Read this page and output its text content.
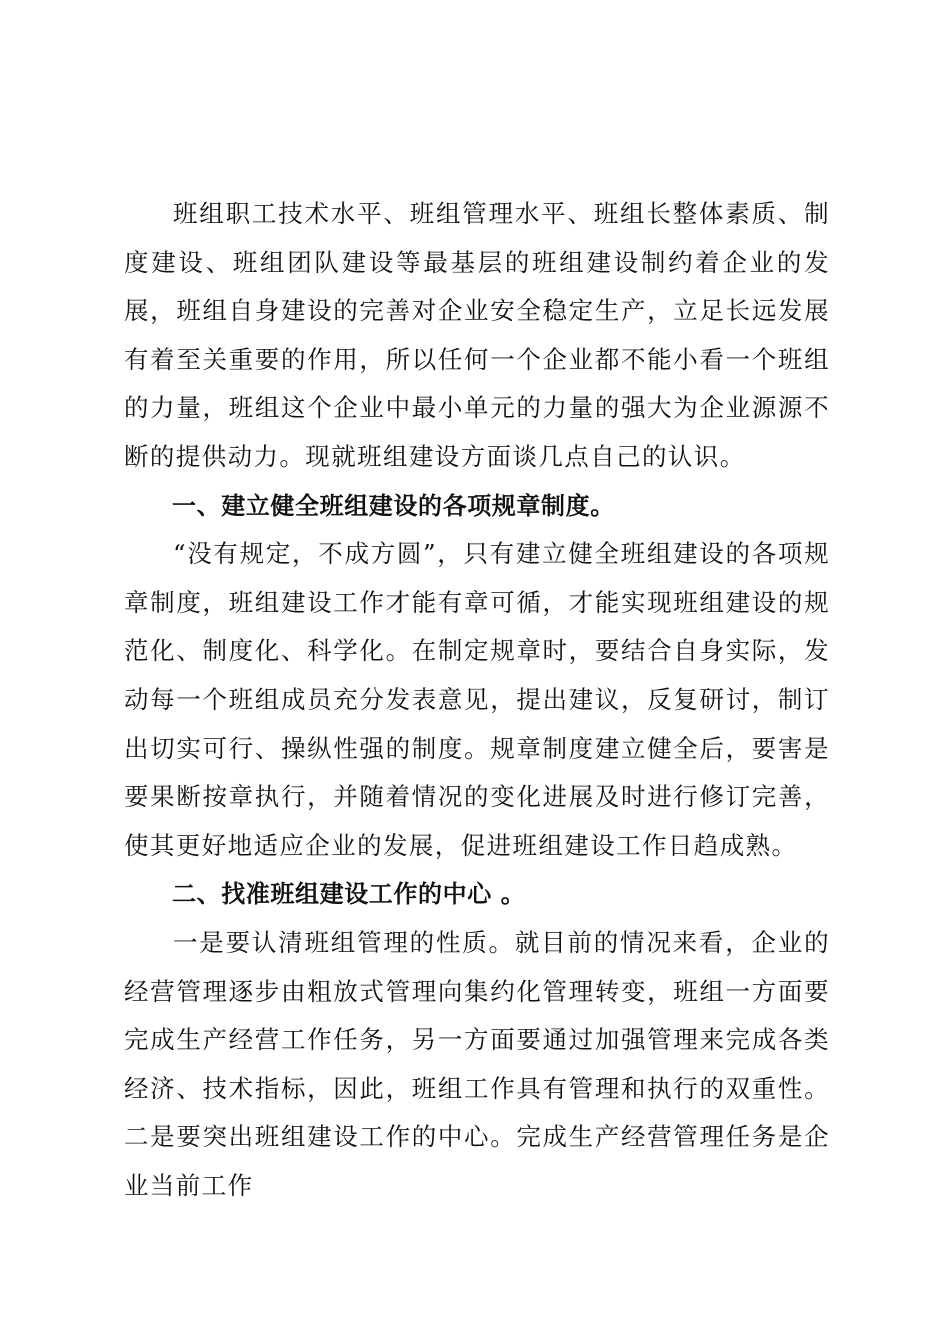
班组职工技术水平、班组管理水平、班组长整体素质、制度建设、班组团队建设等最基层的班组建设制约着企业的发展，班组自身建设的完善对企业安全稳定生产，立足长远发展有着至关重要的作用，所以任何一个企业都不能小看一个班组的力量，班组这个企业中最小单元的力量的强大为企业源源不断的提供动力。现就班组建设方面谈几点自己的认识。

一、建立健全班组建设的各项规章制度。

“没有规定，不成方圆”，只有建立健全班组建设的各项规章制度，班组建设工作才能有章可循，才能实现班组建设的规范化、制度化、科学化。在制定规章时，要结合自身实际，发动每一个班组成员充分发表意见，提出建议，反复研讨，制订出切实可行、操纵性强的制度。规章制度建立健全后，要害是要果断按章执行，并随着情况的变化进展及时进行修订完善，使其更好地适应企业的发展，促进班组建设工作日趋成熟。

二、找准班组建设工作的中心 。

一是要认清班组管理的性质。就目前的情况来看，企业的经营管理逐步由粗放式管理向集约化管理转变，班组一方面要完成生产经营工作任务，另一方面要通过加强管理来完成各类经济、技术指标，因此，班组工作具有管理和执行的双重性。二是要突出班组建设工作的中心。完成生产经营管理任务是企业当前工作
